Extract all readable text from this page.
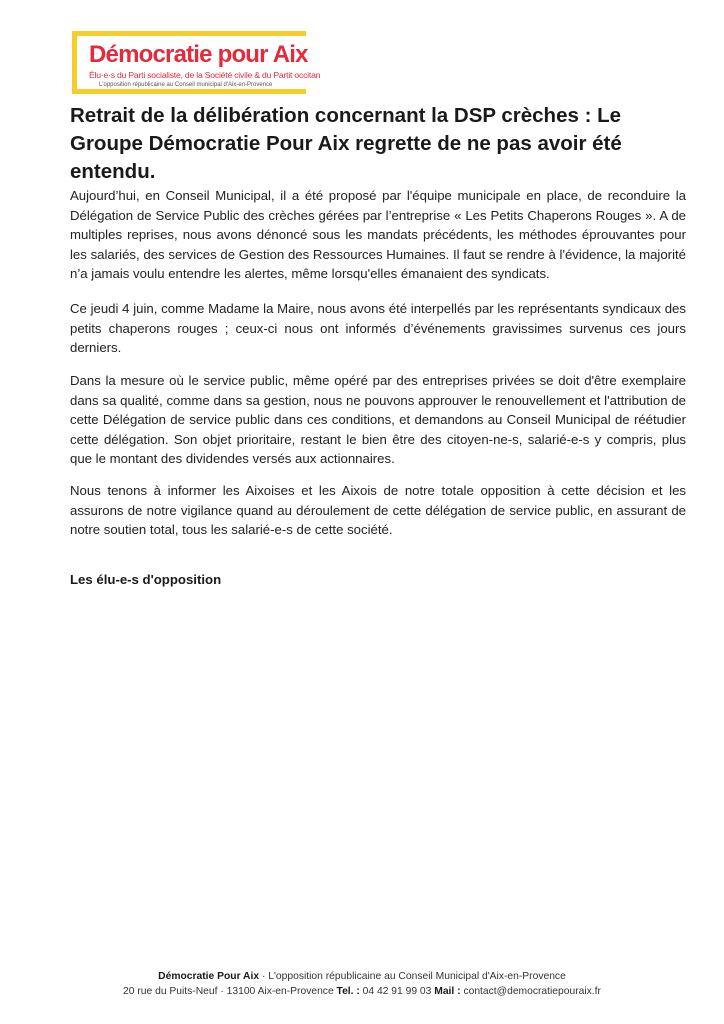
Démocratie pour Aix
Élu·e·s du Parti socialiste, de la Société civile & du Partit occitan
L'opposition républicaine au Conseil municipal d'Aix-en-Provence
Retrait de la délibération concernant la DSP crèches : Le Groupe Démocratie Pour Aix regrette de ne pas avoir été entendu.

Aujourd’hui, en Conseil Municipal, il a été proposé par l'équipe municipale en place, de reconduire la Délégation de Service Public des crèches gérées par l’entreprise « Les Petits Chaperons Rouges ». A de multiples reprises, nous avons dénoncé sous les mandats précédents, les méthodes éprouvantes pour les salariés, des services de Gestion des Ressources Humaines. Il faut se rendre à l'évidence, la majorité n’a jamais voulu entendre les alertes, même lorsqu'elles émanaient des syndicats.

Ce jeudi 4 juin, comme Madame la Maire, nous avons été interpellés par les représentants syndicaux des petits chaperons rouges ; ceux-ci nous ont informés d’événements gravissimes survenus ces jours derniers.

Dans la mesure où le service public, même opéré par des entreprises privées se doit d'être exemplaire dans sa qualité, comme dans sa gestion, nous ne pouvons approuver le renouvellement et l'attribution de cette Délégation de service public dans ces conditions, et demandons au Conseil Municipal de réétudier cette délégation. Son objet prioritaire, restant le bien être des citoyen-ne-s, salarié-e-s y compris, plus que le montant des dividendes versés aux actionnaires.

Nous tenons à informer les Aixoises et les Aixois de notre totale opposition à cette décision et les assurons de notre vigilance quand au déroulement de cette délégation de service public, en assurant de notre soutien total, tous les salarié-e-s de cette société.

Les élu-e-s d'opposition

Démocratie Pour Aix · L'opposition républicaine au Conseil Municipal d'Aix-en-Provence
20 rue du Puits-Neuf · 13100 Aix-en-Provence Tel. : 04 42 91 99 03 Mail : contact@democratiepouraix.fr
